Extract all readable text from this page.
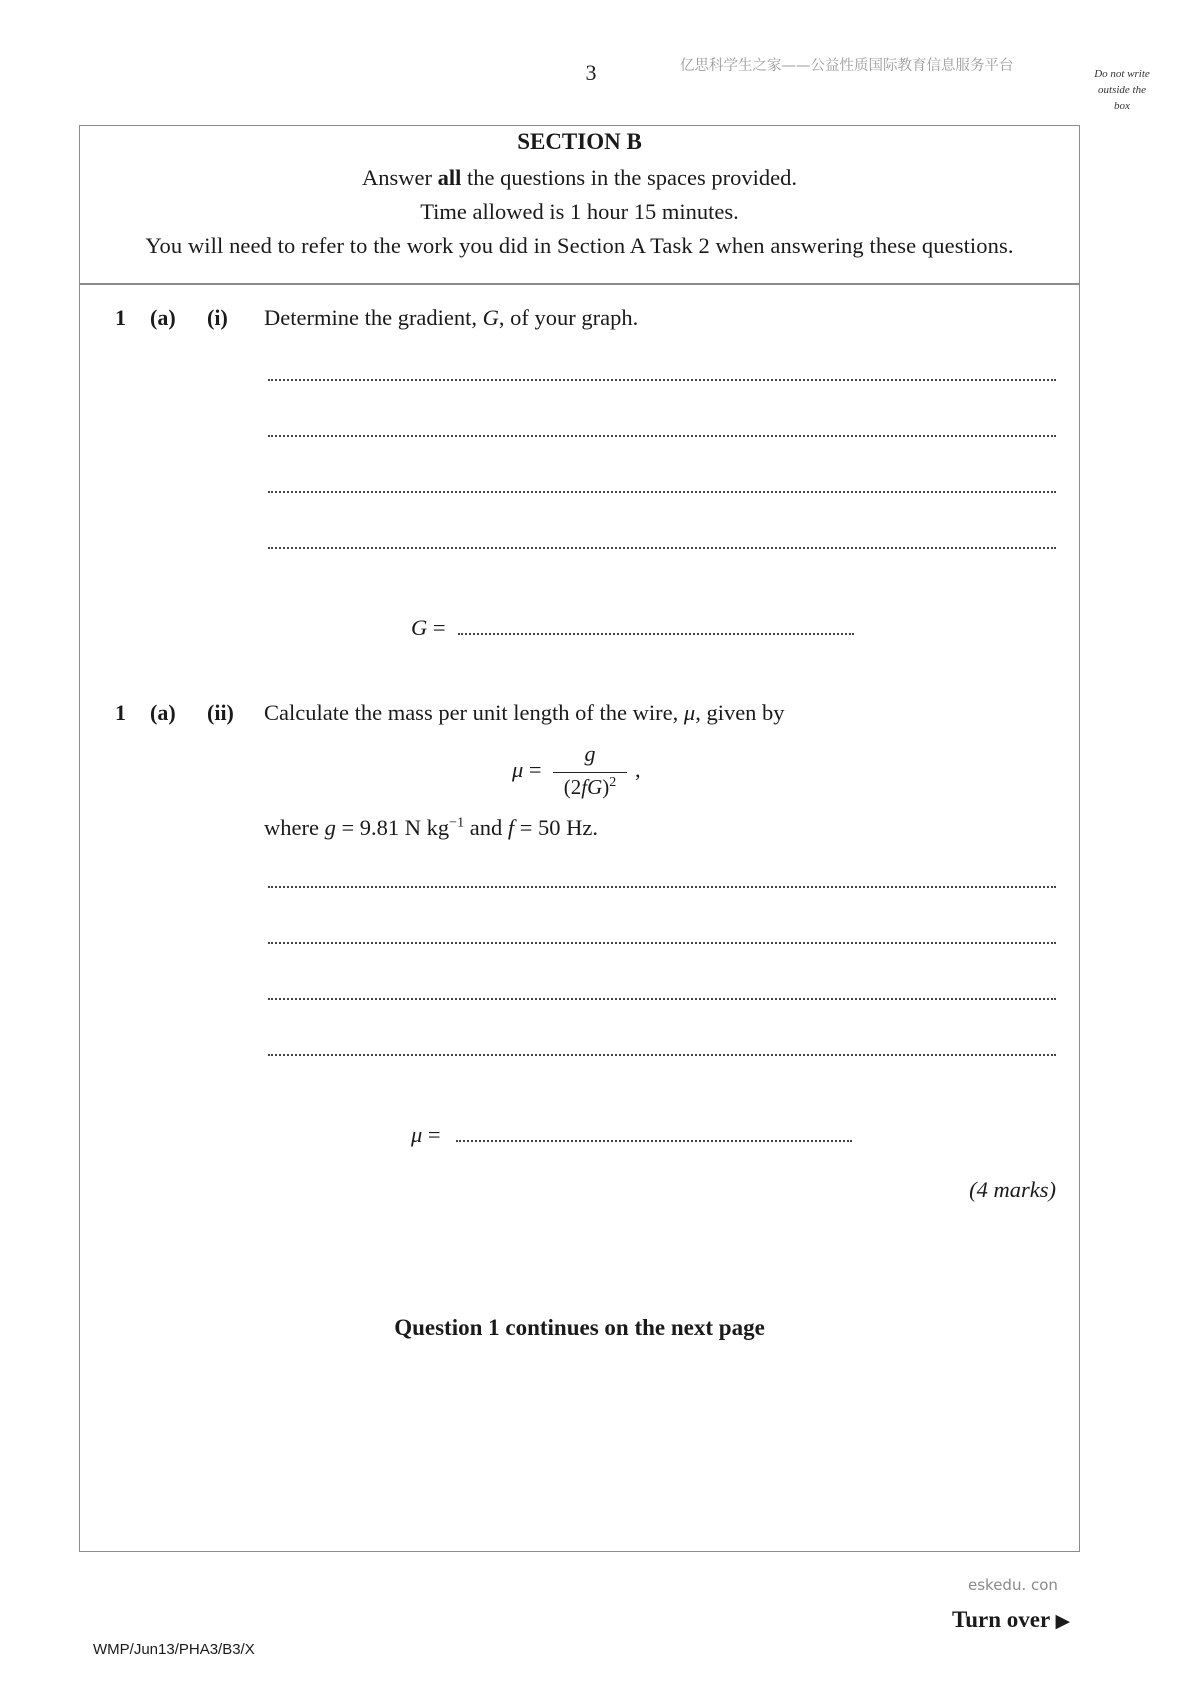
3	亿思科学生之家——公益性质国际教育信息服务平台	Do not write
outside the
box
SECTION B
Answer all the questions in the spaces provided.
Time allowed is 1 hour 15 minutes.
You will need to refer to the work you did in Section A Task 2 when answering these questions.
1 (a) (i) Determine the gradient, G, of your graph.
G =
1 (a) (ii) Calculate the mass per unit length of the wire, μ, given by
μ =
g
$(2fG)^2$
,
where g = 9.81 N $kg^{-1}$ and f = 50 Hz.
μ =
(4 marks)
Question 1 continues on the next page
eskedu. con
Turn over ▶
WMP/Jun13/PHA3/B3/X
